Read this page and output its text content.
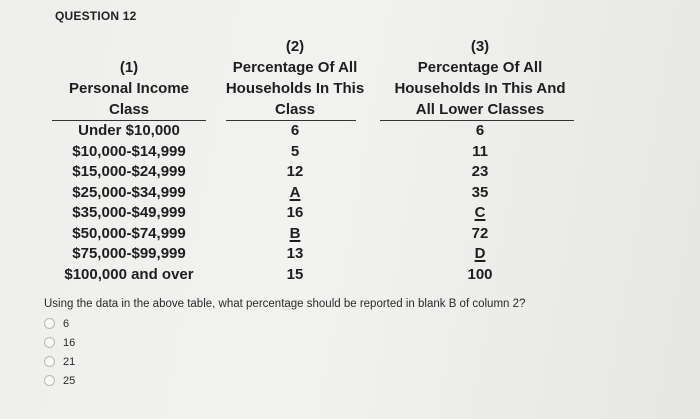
QUESTION 12
(1)
Personal Income
Class
Under $10,000
$10,000-$14,999
$15,000-$24,999
$25,000-$34,999
$35,000-$49,999
$50,000-$74,999
$75,000-$99,999
$100,000 and over
(2)
Percentage Of All
Households In This
Class
6
5
12
A
16
B
13
15
(3)
Percentage Of All
Households In This And
All Lower Classes
6
11
23
35
C
72
D
100
Using the data in the above table, what percentage should be reported in blank B of column 2?
6
16
21
25
